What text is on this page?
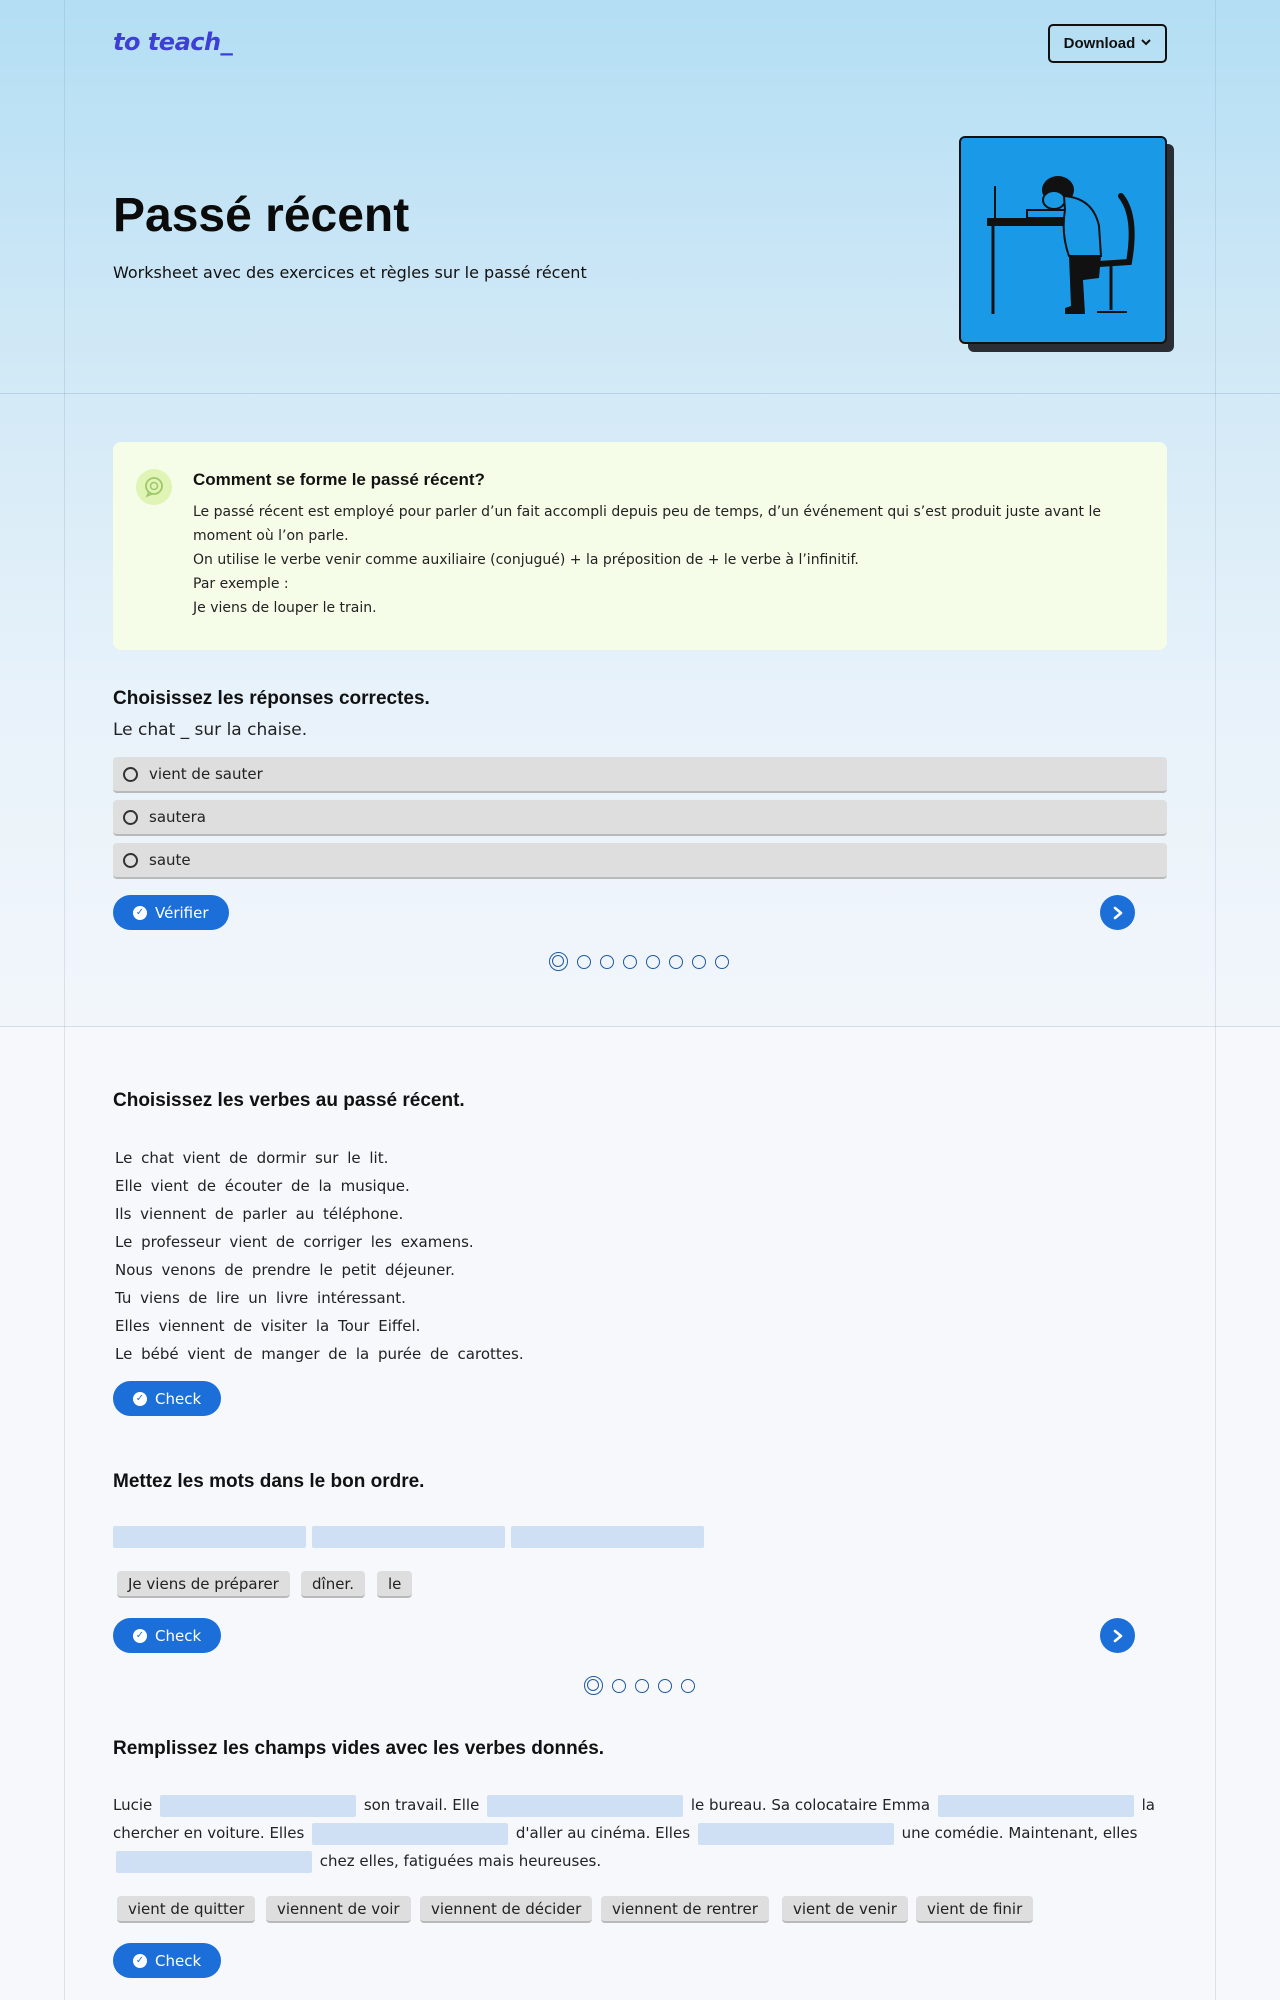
to teach_	Download
Passé récent

Worksheet avec des exercices et règles sur le passé récent

Comment se forme le passé récent?
Le passé récent est employé pour parler d’un fait accompli depuis peu de temps, d’un événement qui s’est produit juste avant le moment où l’on parle.
On utilise le verbe venir comme auxiliaire (conjugué) + la préposition de + le verbe à l’infinitif.
Par exemple :
Je viens de louper le train.
Choisissez les réponses correctes.

Le chat _ sur la chaise.

vient de sauter
sautera
saute
✓ Vérifier
Choisissez les verbes au passé récent.
Le chat vient de dormir sur le lit.
Elle vient de écouter de la musique.
Ils viennent de parler au téléphone.
Le professeur vient de corriger les examens.
Nous venons de prendre le petit déjeuner.
Tu viens de lire un livre intéressant.
Elles viennent de visiter la Tour Eiffel.
Le bébé vient de manger de la purée de carottes.
✓ Check
Mettez les mots dans le bon ordre.
Je viens de préparer	dîner.	le
✓ Check
Remplissez les champs vides avec les verbes donnés.
Lucie	son travail. Elle	le bureau. Sa colocataire Emma	la chercher en voiture. Elles	d'aller au cinéma. Elles	une comédie. Maintenant, elles  chez elles, fatiguées mais heureuses.
vient de quitter	viennent de voir	viennent de décider	viennent de rentrer	vient de venir	vient de finir
✓ Check
